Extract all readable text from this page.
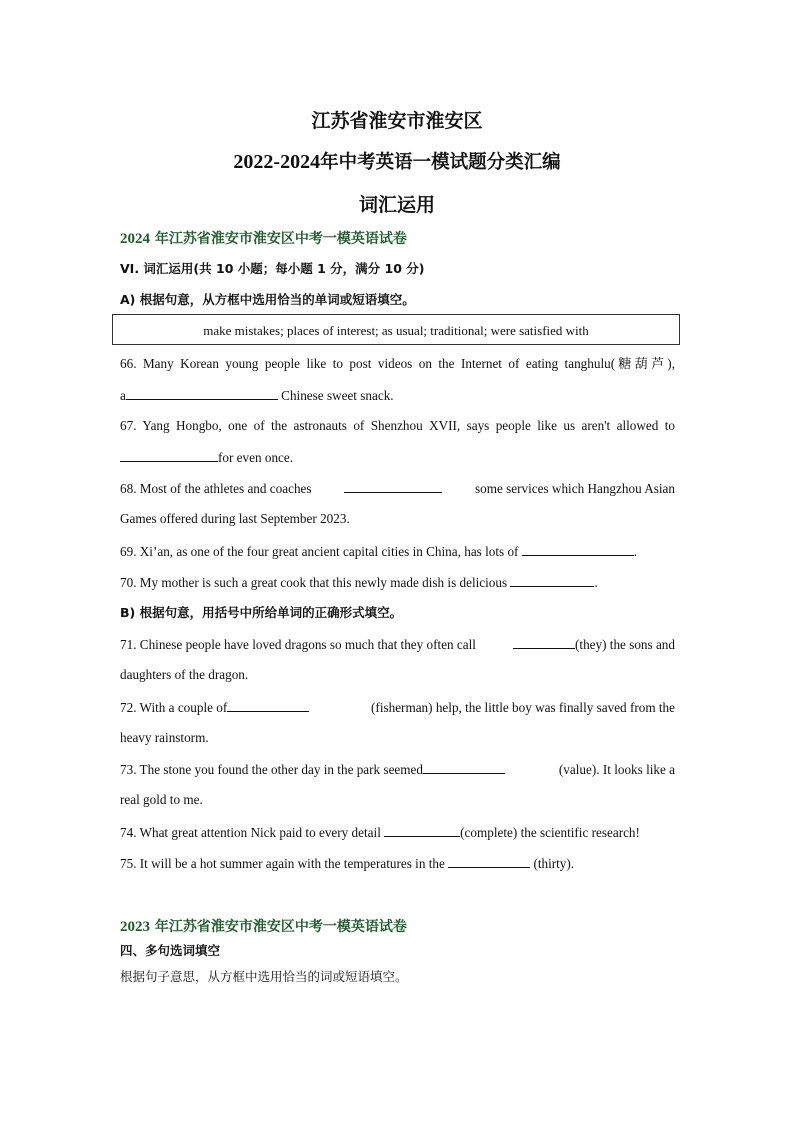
江苏省淮安市淮安区
2022-2024年中考英语一模试题分类汇编
词汇运用
2024 年江苏省淮安市淮安区中考一模英语试卷
VI. 词汇运用(共 10 小题；每小题 1 分，满分 10 分)
A) 根据句意，从方框中选用恰当的单词或短语填空。
make mistakes; places of interest; as usual; traditional; were satisfied with
66. Many Korean young people like to post videos on the Internet of eating tanghulu(糖葫芦),
a	Chinese sweet snack.
67. Yang Hongbo, one of the astronauts of Shenzhou XVII, says people like us aren't allowed to
for even once.
68. Most of the athletes and coaches	some services which Hangzhou Asian
Games offered during last September 2023.
69. Xi’an, as one of the four great ancient capital cities in China, has lots of	.
70. My mother is such a great cook that this newly made dish is delicious	.
B) 根据句意，用括号中所给单词的正确形式填空。
71. Chinese people have loved dragons so much that they often call	(they) the sons and
daughters of the dragon.
72. With a couple of	(fisherman) help, the little boy was finally saved from the
heavy rainstorm.
73. The stone you found the other day in the park seemed	(value). It looks like a
real gold to me.
74. What great attention Nick paid to every detail	(complete) the scientific research!
75. It will be a hot summer again with the temperatures in the	(thirty).
2023 年江苏省淮安市淮安区中考一模英语试卷
四、多句选词填空
根据句子意思，从方框中选用恰当的词或短语填空。
